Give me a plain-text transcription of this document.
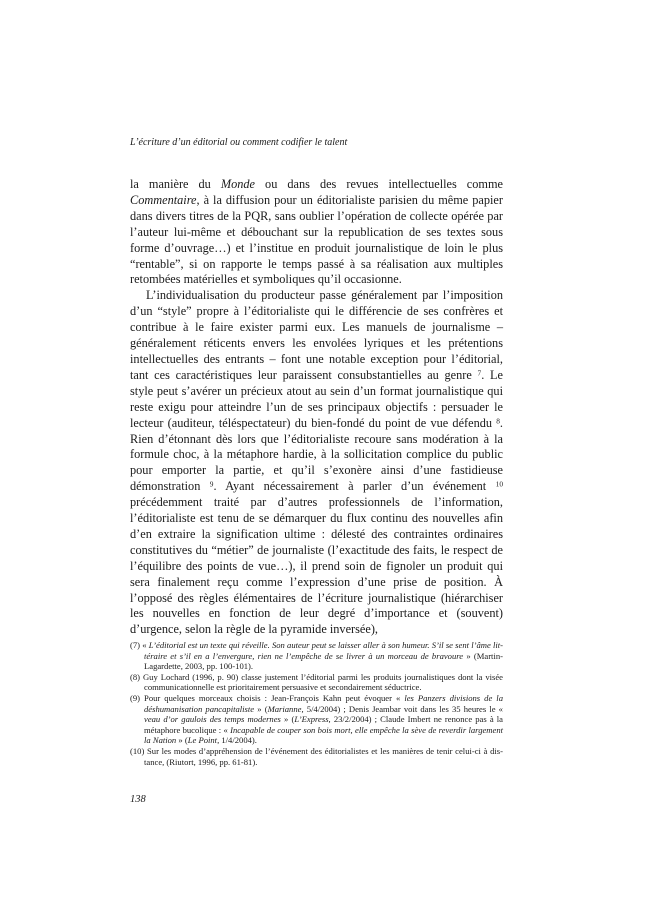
L’écriture d’un éditorial ou comment codifier le talent

la manière du Monde ou dans des revues intellectuelles comme Commentaire, à la diffusion pour un éditorialiste parisien du même papier dans divers titres de la PQR, sans oublier l’opération de collecte opérée par l’auteur lui-même et débouchant sur la republication de ses textes sous forme d’ouvrage…) et l’institue en produit journalistique de loin le plus “rentable”, si on rapporte le temps passé à sa réalisation aux multiples retombées matérielles et symboliques qu’il occasionne.

L’individualisation du producteur passe généralement par l’imposition d’un “style” propre à l’éditorialiste qui le différencie de ses confrères et contribue à le faire exister parmi eux. Les manuels de journalisme – généralement réticents envers les envolées lyriques et les prétentions intellectuelles des entrants – font une notable exception pour l’éditorial, tant ces caractéristiques leur paraissent consubstantielles au genre $^7$. Le style peut s’avérer un précieux atout au sein d’un format journalistique qui reste exigu pour atteindre l’un de ses principaux objectifs : persuader le lecteur (auditeur, téléspectateur) du bien-fondé du point de vue défendu $^8$. Rien d’étonnant dès lors que l’éditorialiste recoure sans modération à la formule choc, à la métaphore hardie, à la sollicitation complice du public pour emporter la partie, et qu’il s’exonère ainsi d’une fastidieuse démonstration $^9$. Ayant nécessairement à parler d’un événement $^{10}$ précédemment traité par d’autres professionnels de l’information, l’éditorialiste est tenu de se démarquer du flux continu des nouvelles afin d’en extraire la signification ultime : délesté des contraintes ordinaires constitutives du “métier” de journaliste (l’exactitude des faits, le respect de l’équilibre des points de vue…), il prend soin de fignoler un produit qui sera finalement reçu comme l’expression d’une prise de position. À l’opposé des règles élémentaires de l’écriture journalistique (hiérarchiser les nouvelles en fonction de leur degré d’importance et (souvent) d’urgence, selon la règle de la pyramide inversée),

(7) « L’éditorial est un texte qui réveille. Son auteur peut se laisser aller à son humeur. S’il se sent l’âme littéraire et s’il en a l’envergure, rien ne l’empêche de se livrer à un morceau de bravoure » (Martin-Lagardette, 2003, pp. 100-101).

(8) Guy Lochard (1996, p. 90) classe justement l’éditorial parmi les produits journalistiques dont la visée communicationnelle est prioritairement persuasive et secondairement séductrice.

(9) Pour quelques morceaux choisis : Jean-François Kahn peut évoquer « les Panzers divisions de la déshumanisation pancapitaliste » (Marianne, 5/4/2004) ; Denis Jeambar voit dans les 35 heures le « veau d’or gaulois des temps modernes » (L’Express, 23/2/2004) ; Claude Imbert ne renonce pas à la métaphore bucolique : « Incapable de couper son bois mort, elle empêche la sève de reverdir largement la Nation » (Le Point, 1/4/2004).

(10) Sur les modes d’appréhension de l’événement des éditorialistes et les manières de tenir celui-ci à distance, (Riutort, 1996, pp. 61-81).

138
